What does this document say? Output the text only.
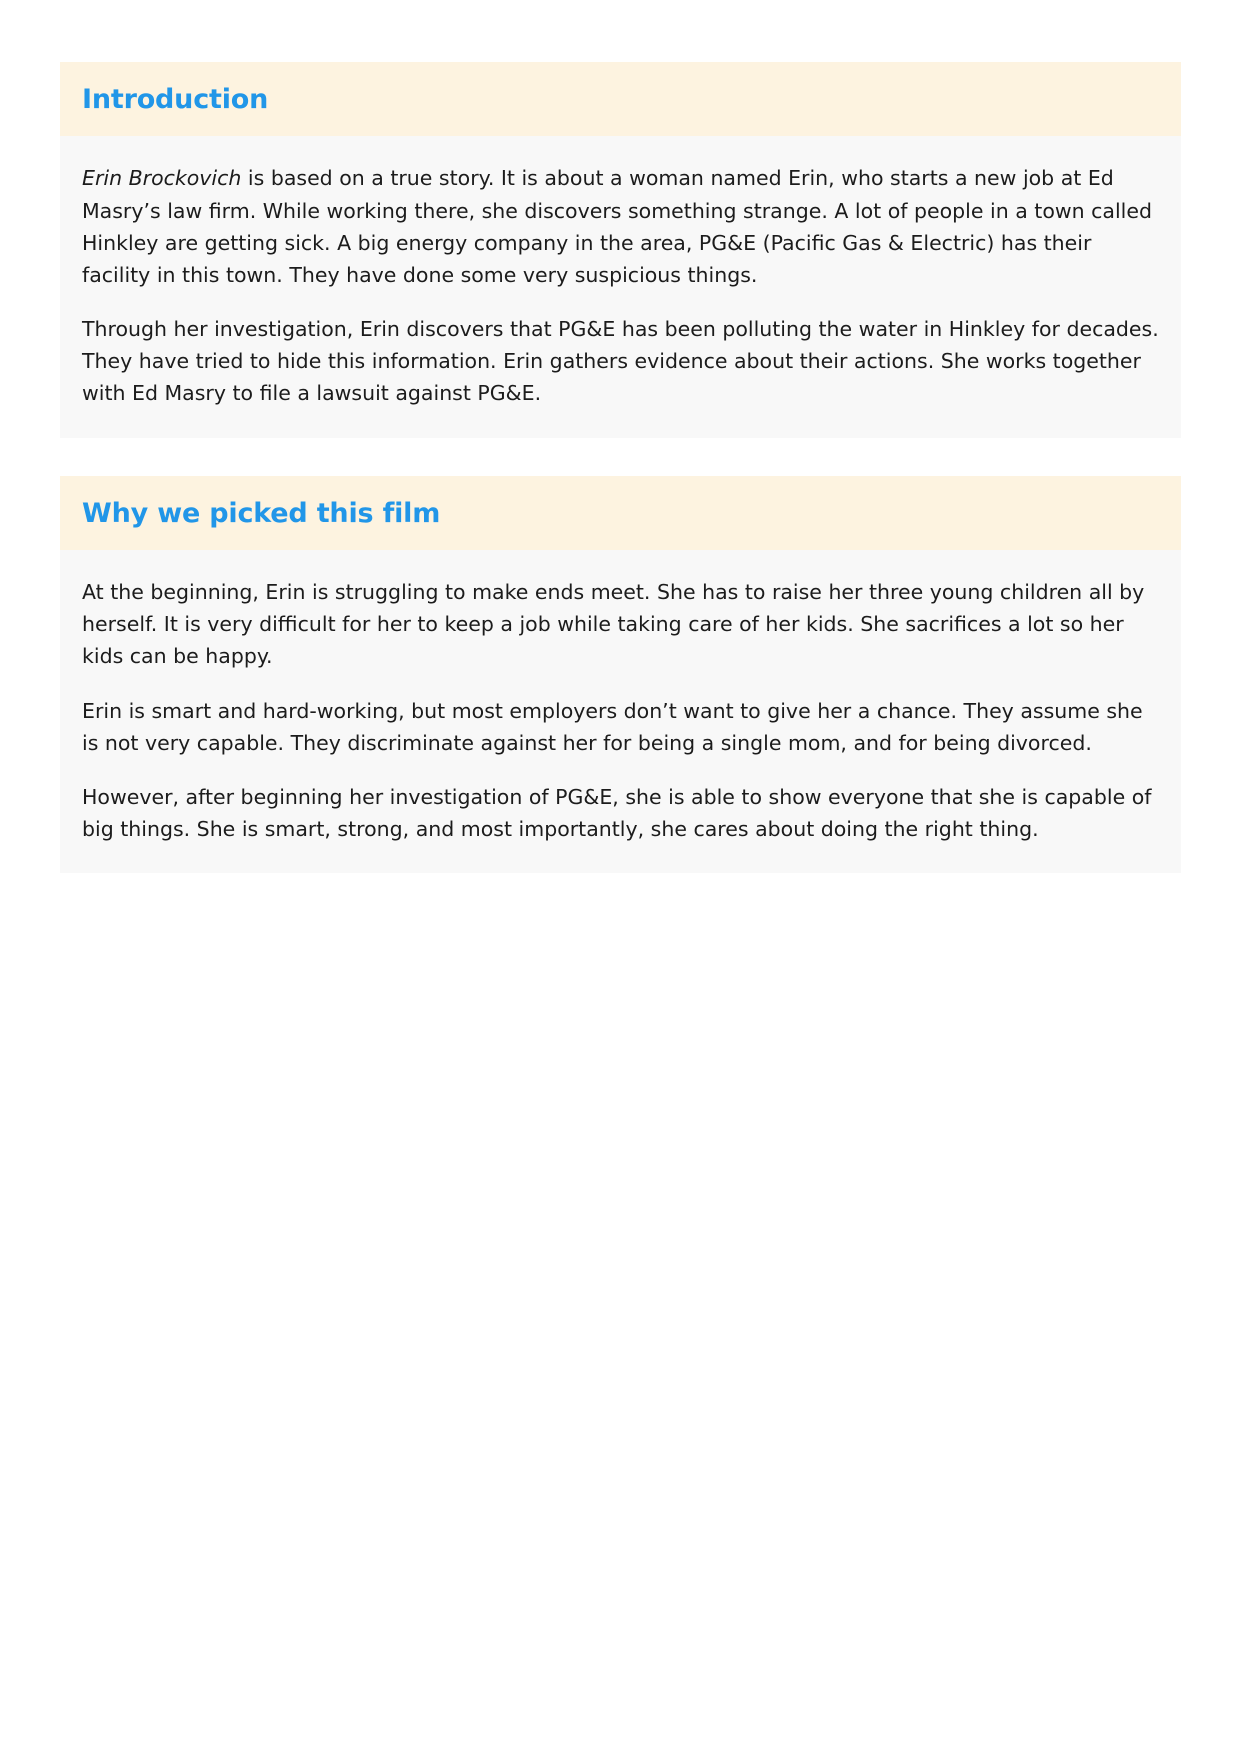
Introduction

Erin Brockovich is based on a true story. It is about a woman named Erin, who starts a new job at Ed Masry’s law firm. While working there, she discovers something strange. A lot of people in a town called Hinkley are getting sick. A big energy company in the area, PG&E (Pacific Gas & Electric) has their facility in this town. They have done some very suspicious things.

Through her investigation, Erin discovers that PG&E has been polluting the water in Hinkley for decades. They have tried to hide this information. Erin gathers evidence about their actions. She works together with Ed Masry to file a lawsuit against PG&E.

Why we picked this film

At the beginning, Erin is struggling to make ends meet. She has to raise her three young children all by herself. It is very difficult for her to keep a job while taking care of her kids. She sacrifices a lot so her kids can be happy.

Erin is smart and hard-working, but most employers don’t want to give her a chance. They assume she is not very capable. They discriminate against her for being a single mom, and for being divorced.

However, after beginning her investigation of PG&E, she is able to show everyone that she is capable of big things. She is smart, strong, and most importantly, she cares about doing the right thing.
